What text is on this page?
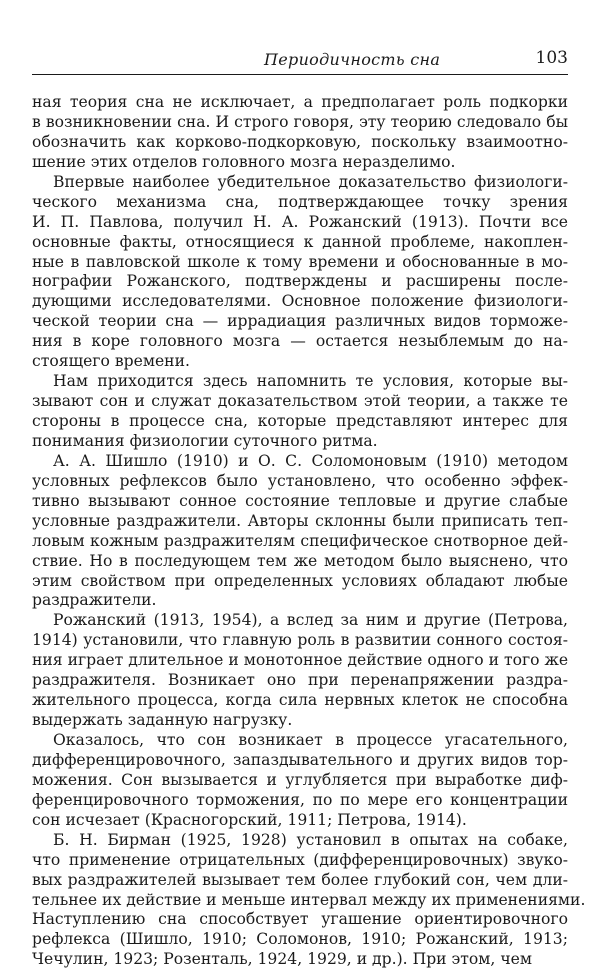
Периодичность сна	103

ная теория сна не исключает, а предполагает роль подкорки
в возникновении сна. И строго говоря, эту теорию следовало бы
обозначить как корково-подкорковую, поскольку взаимоотно-
шение этих отделов головного мозга неразделимо.

Впервые наиболее убедительное доказательство физиологи-
ческого механизма сна, подтверждающее точку зрения
И. П. Павлова, получил Н. А. Рожанский (1913). Почти все
основные факты, относящиеся к данной проблеме, накоплен-
ные в павловской школе к тому времени и обоснованные в мо-
нографии Рожанского, подтверждены и расширены после-
дующими исследователями. Основное положение физиологи-
ческой теории сна — иррадиация различных видов торможе-
ния в коре головного мозга — остается незыблемым до на-
стоящего времени.

Нам приходится здесь напомнить те условия, которые вы-
зывают сон и служат доказательством этой теории, а также те
стороны в процессе сна, которые представляют интерес для
понимания физиологии суточного ритма.

А. А. Шишло (1910) и О. С. Соломоновым (1910) методом
условных рефлексов было установлено, что особенно эффек-
тивно вызывают сонное состояние тепловые и другие слабые
условные раздражители. Авторы склонны были приписать теп-
ловым кожным раздражителям специфическое снотворное дей-
ствие. Но в последующем тем же методом было выяснено, что
этим свойством при определенных условиях обладают любые
раздражители.

Рожанский (1913, 1954), а вслед за ним и другие (Петрова,
1914) установили, что главную роль в развитии сонного состоя-
ния играет длительное и монотонное действие одного и того же
раздражителя. Возникает оно при перенапряжении раздра-
жительного процесса, когда сила нервных клеток не способна
выдержать заданную нагрузку.

Оказалось, что сон возникает в процессе угасательного,
дифференцировочного, запаздывательного и других видов тор-
можения. Сон вызывается и углубляется при выработке диф-
ференцировочного торможения, по по мере его концентрации
сон исчезает (Красногорский, 1911; Петрова, 1914).

Б. Н. Бирман (1925, 1928) установил в опытах на собаке,
что применение отрицательных (дифференцировочных) звуко-
вых раздражителей вызывает тем более глубокий сон, чем дли-
тельнее их действие и меньше интервал между их применениями.
Наступлению сна способствует угашение ориентировочного
рефлекса (Шишло, 1910; Соломонов, 1910; Рожанский, 1913;
Чечулин, 1923; Розенталь, 1924, 1929, и др.). При этом, чем
